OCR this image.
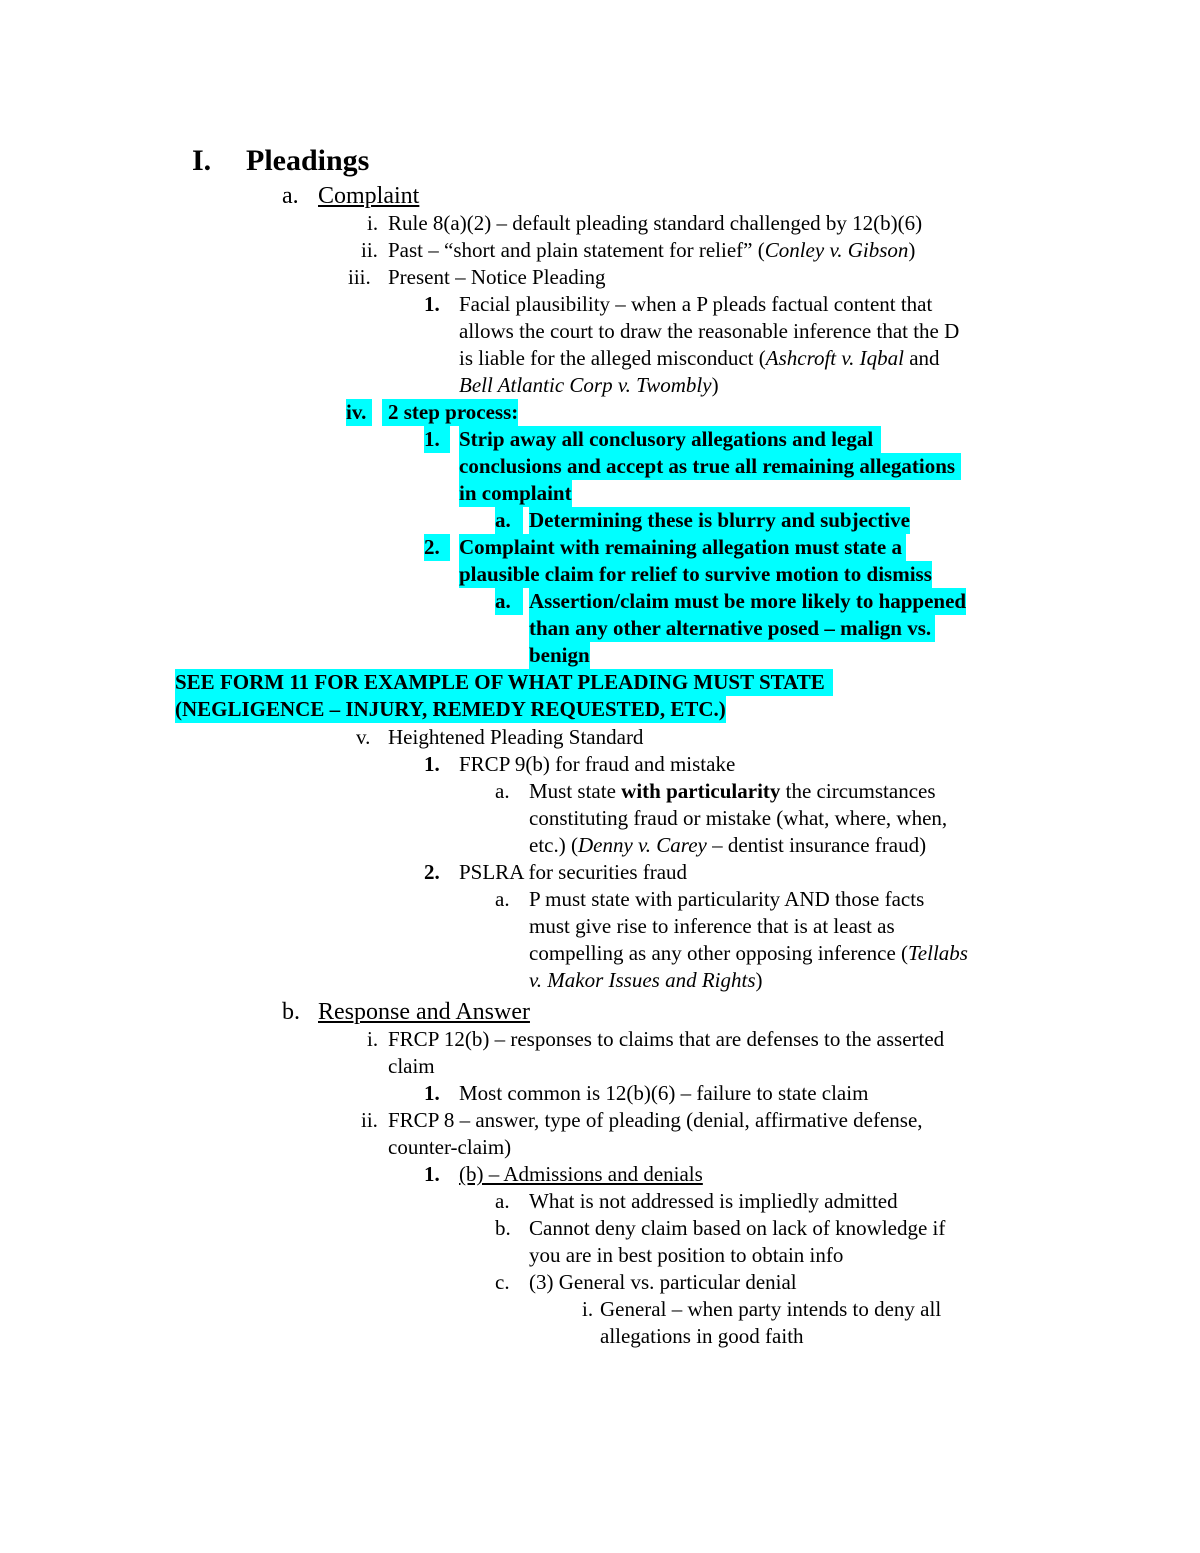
I. Pleadings
a. Complaint
i. Rule 8(a)(2) – default pleading standard challenged by 12(b)(6)
ii. Past – “short and plain statement for relief” (Conley v. Gibson)
iii. Present – Notice Pleading
1. Facial plausibility – when a P pleads factual content that
allows the court to draw the reasonable inference that the D
is liable for the alleged misconduct (Ashcroft v. Iqbal and
Bell Atlantic Corp v. Twombly)
iv. 2 step process:
1. Strip away all conclusory allegations and legal
conclusions and accept as true all remaining allegations
in complaint
a. Determining these is blurry and subjective
2. Complaint with remaining allegation must state a
plausible claim for relief to survive motion to dismiss
a. Assertion/claim must be more likely to happened
than any other alternative posed – malign vs.
benign
SEE FORM 11 FOR EXAMPLE OF WHAT PLEADING MUST STATE
(NEGLIGENCE – INJURY, REMEDY REQUESTED, ETC.)
v. Heightened Pleading Standard
1. FRCP 9(b) for fraud and mistake
a. Must state with particularity the circumstances
constituting fraud or mistake (what, where, when,
etc.) (Denny v. Carey – dentist insurance fraud)
2. PSLRA for securities fraud
a. P must state with particularity AND those facts
must give rise to inference that is at least as
compelling as any other opposing inference (Tellabs
v. Makor Issues and Rights)
b. Response and Answer
i. FRCP 12(b) – responses to claims that are defenses to the asserted
claim
1. Most common is 12(b)(6) – failure to state claim
ii. FRCP 8 – answer, type of pleading (denial, affirmative defense,
counter-claim)
1. (b) – Admissions and denials
a. What is not addressed is impliedly admitted
b. Cannot deny claim based on lack of knowledge if
you are in best position to obtain info
c. (3) General vs. particular denial
i. General – when party intends to deny all
allegations in good faith
